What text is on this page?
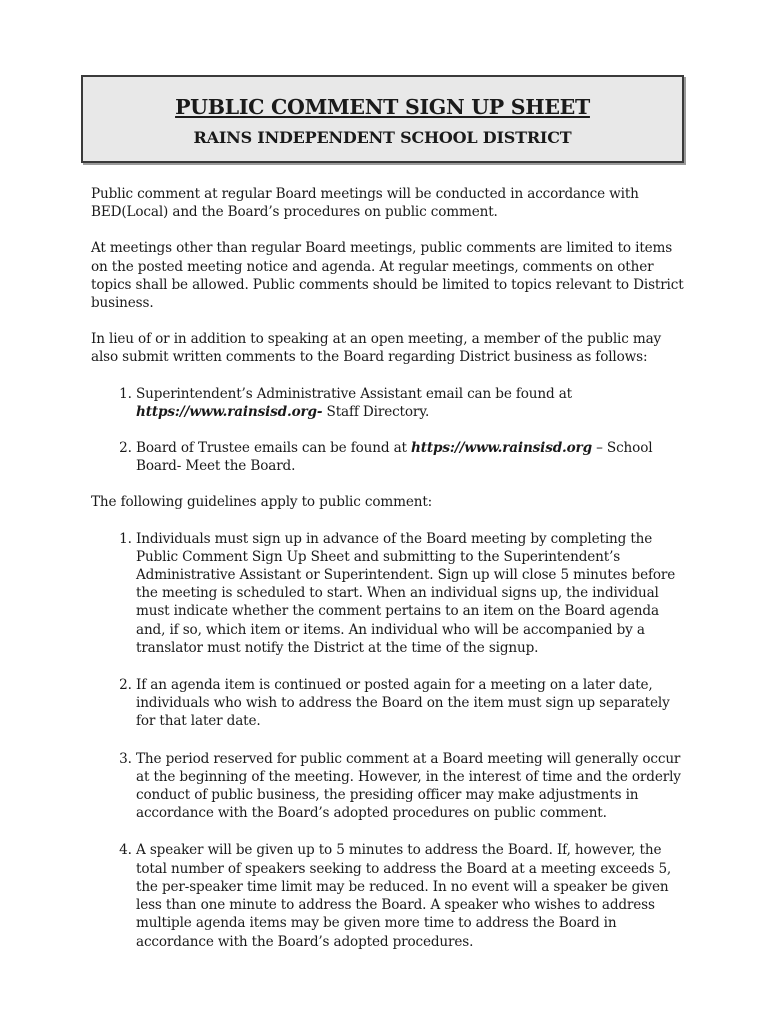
PUBLIC COMMENT SIGN UP SHEET
RAINS INDEPENDENT SCHOOL DISTRICT

Public comment at regular Board meetings will be conducted in accordance with BED(Local) and the Board’s procedures on public comment.

At meetings other than regular Board meetings, public comments are limited to items on the posted meeting notice and agenda. At regular meetings, comments on other topics shall be allowed. Public comments should be limited to topics relevant to District business.

In lieu of or in addition to speaking at an open meeting, a member of the public may also submit written comments to the Board regarding District business as follows:

1. Superintendent’s Administrative Assistant email can be found at https://www.rainsisd.org- Staff Directory.
2. Board of Trustee emails can be found at https://www.rainsisd.org – School Board- Meet the Board.

The following guidelines apply to public comment:

1. Individuals must sign up in advance of the Board meeting by completing the Public Comment Sign Up Sheet and submitting to the Superintendent’s Administrative Assistant or Superintendent. Sign up will close 5 minutes before the meeting is scheduled to start. When an individual signs up, the individual must indicate whether the comment pertains to an item on the Board agenda and, if so, which item or items. An individual who will be accompanied by a translator must notify the District at the time of the signup.
2. If an agenda item is continued or posted again for a meeting on a later date, individuals who wish to address the Board on the item must sign up separately for that later date.
3. The period reserved for public comment at a Board meeting will generally occur at the beginning of the meeting. However, in the interest of time and the orderly conduct of public business, the presiding officer may make adjustments in accordance with the Board’s adopted procedures on public comment.
4. A speaker will be given up to 5 minutes to address the Board. If, however, the total number of speakers seeking to address the Board at a meeting exceeds 5, the per-speaker time limit may be reduced. In no event will a speaker be given less than one minute to address the Board. A speaker who wishes to address multiple agenda items may be given more time to address the Board in accordance with the Board’s adopted procedures.
